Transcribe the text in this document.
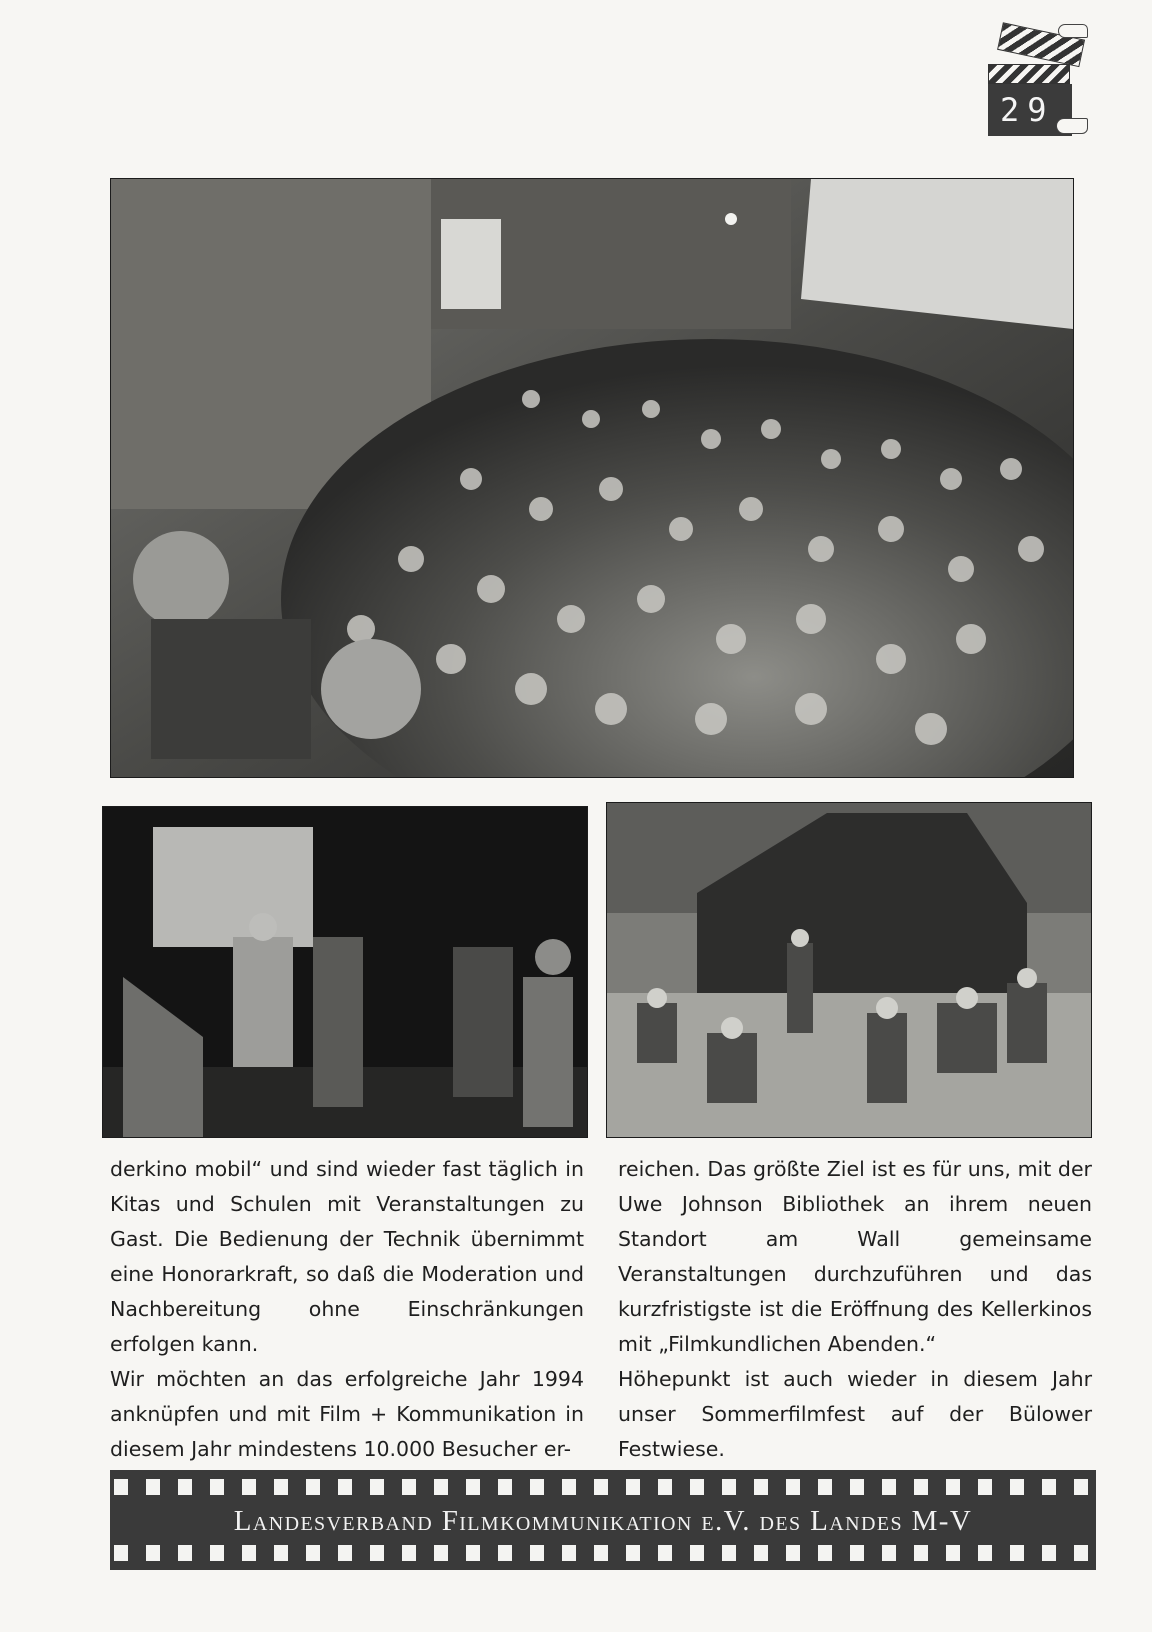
29

derkino mobil“ und sind wieder fast täglich in Kitas und Schulen mit Veranstaltungen zu Gast. Die Bedienung der Technik übernimmt eine Honorarkraft, so daß die Moderation und Nachbereitung ohne Einschränkungen erfolgen kann.

Wir möchten an das erfolgreiche Jahr 1994 anknüpfen und mit Film + Kommunikation in diesem Jahr mindestens 10.000 Besucher er-

reichen. Das größte Ziel ist es für uns, mit der Uwe Johnson Bibliothek an ihrem neuen Standort am Wall gemeinsame Veranstaltungen durchzuführen und das kurzfristigste ist die Eröffnung des Kellerkinos mit „Filmkundlichen Abenden.“

Höhepunkt ist auch wieder in diesem Jahr unser Sommerfilmfest auf der Bülower Festwiese.

Landesverband Filmkommunikation e.V. des Landes M-V
